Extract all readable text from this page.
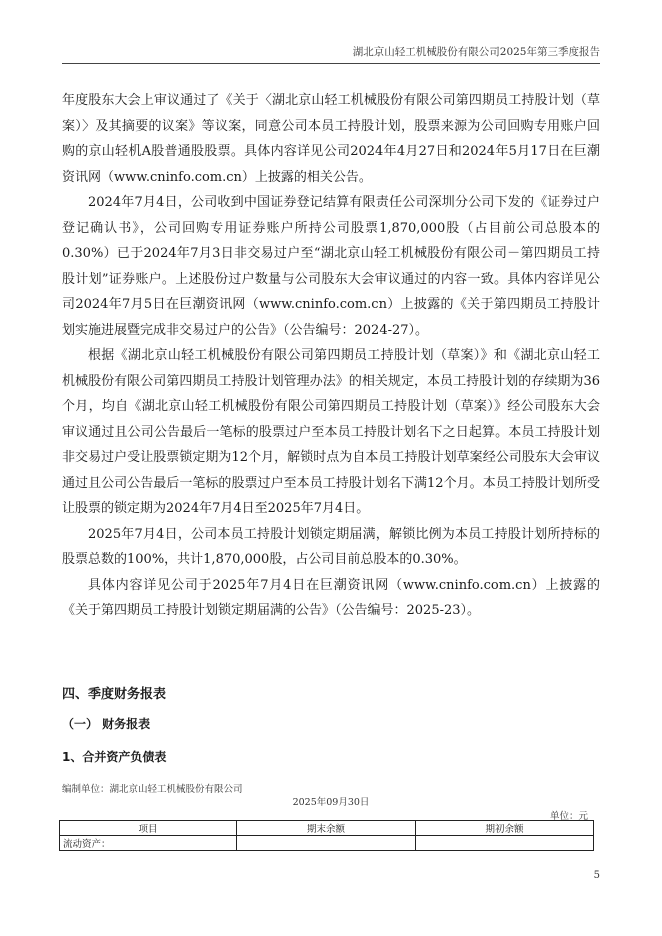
湖北京山轻工机械股份有限公司2025年第三季度报告

年度股东大会上审议通过了《关于〈湖北京山轻工机械股份有限公司第四期员工持股计划（草案）〉及其摘要的议案》等议案，同意公司本员工持股计划，股票来源为公司回购专用账户回购的京山轻机A股普通股股票。具体内容详见公司2024年4月27日和2024年5月17日在巨潮资讯网（www.cninfo.com.cn）上披露的相关公告。

2024年7月4日，公司收到中国证券登记结算有限责任公司深圳分公司下发的《证券过户登记确认书》，公司回购专用证券账户所持公司股票1,870,000股（占目前公司总股本的0.30%）已于2024年7月3日非交易过户至“湖北京山轻工机械股份有限公司－第四期员工持股计划”证券账户。上述股份过户数量与公司股东大会审议通过的内容一致。具体内容详见公司2024年7月5日在巨潮资讯网（www.cninfo.com.cn）上披露的《关于第四期员工持股计划实施进展暨完成非交易过户的公告》（公告编号：2024-27）。

根据《湖北京山轻工机械股份有限公司第四期员工持股计划（草案）》和《湖北京山轻工机械股份有限公司第四期员工持股计划管理办法》的相关规定，本员工持股计划的存续期为36个月，均自《湖北京山轻工机械股份有限公司第四期员工持股计划（草案）》经公司股东大会审议通过且公司公告最后一笔标的股票过户至本员工持股计划名下之日起算。本员工持股计划非交易过户受让股票锁定期为12个月，解锁时点为自本员工持股计划草案经公司股东大会审议通过且公司公告最后一笔标的股票过户至本员工持股计划名下满12个月。本员工持股计划所受让股票的锁定期为2024年7月4日至2025年7月4日。

2025年7月4日，公司本员工持股计划锁定期届满，解锁比例为本员工持股计划所持标的股票总数的100%，共计1,870,000股，占公司目前总股本的0.30%。

具体内容详见公司于2025年7月4日在巨潮资讯网（www.cninfo.com.cn）上披露的《关于第四期员工持股计划锁定期届满的公告》（公告编号：2025-23）。

四、季度财务报表
（一） 财务报表
1、合并资产负债表
编制单位：湖北京山轻工机械股份有限公司
2025年09月30日
单位：元
项目	期末余额	期初余额
流动资产：		
5
